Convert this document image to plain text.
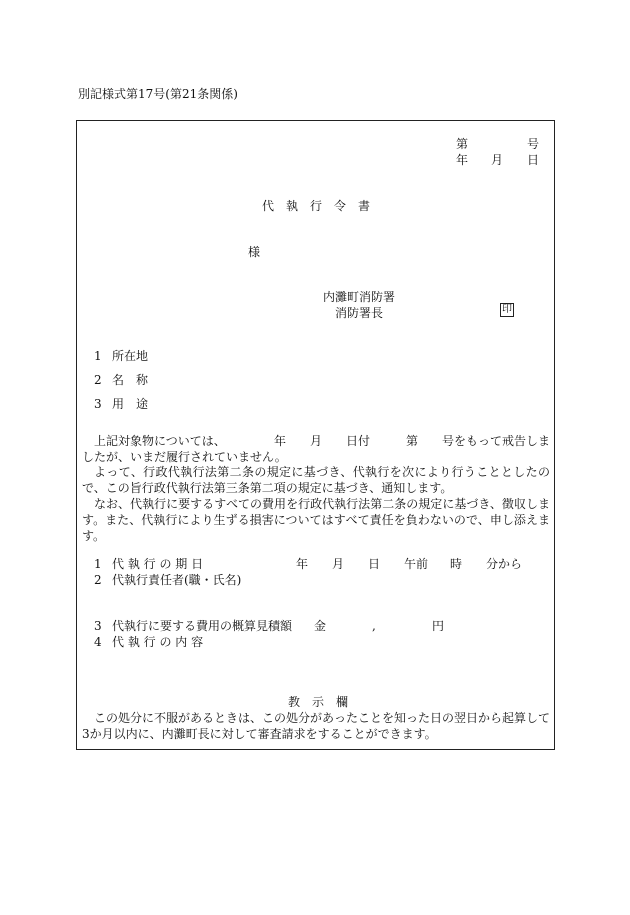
別記様式第17号(第21条関係)
第	号
年 月 日
代　執　行　令　書
様
内灘町消防署
消防署長	印
1 所在地
2 名　称
3 用　途
上記対象物については、	年 月 日付	第 号をもって戒告しま
したが、いまだ履行されていません。
よって、行政代執行法第二条の規定に基づき、代執行を次により行うこととしたので、この旨行政代執行法第三条第二項の規定に基づき、通知します。
なお、代執行に要するすべての費用を行政代執行法第二条の規定に基づき、徴収します。また、代執行により生ずる損害についてはすべて責任を負わないので、申し添えます。
1 代 執 行 の 期 日	年 月 日 午前 時 分から
2 代執行責任者(職・氏名)
3 代執行に要する費用の概算見積額 金	,	円
4 代 執 行 の 内 容
教　示　欄
この処分に不服があるときは、この処分があったことを知った日の翌日から起算して3か月以内に、内灘町長に対して審査請求をすることができます。
